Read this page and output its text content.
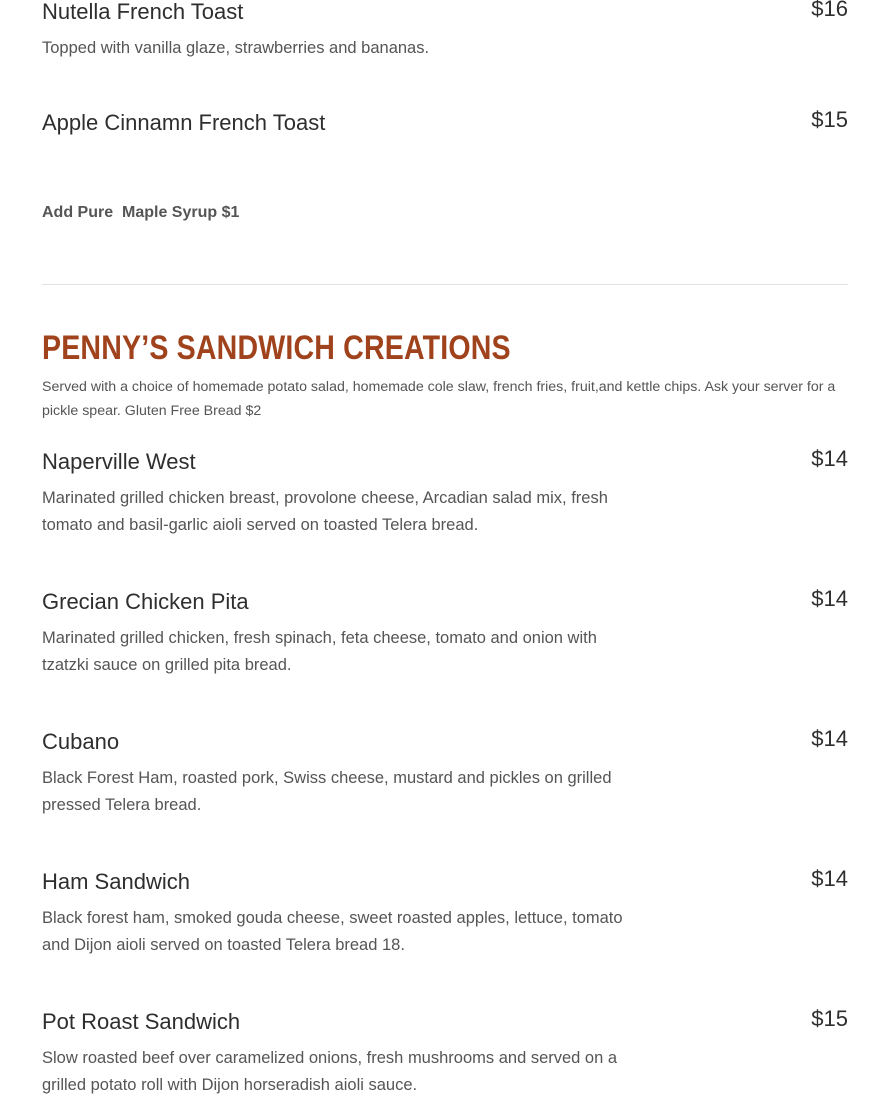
Nutella French Toast	$16
Topped with vanilla glaze, strawberries and bananas.
Apple Cinnamn French Toast	$15
Add Pure  Maple Syrup $1
PENNY’S SANDWICH CREATIONS
Served with a choice of homemade potato salad, homemade cole slaw, french fries, fruit,and kettle chips. Ask your server for a pickle spear. Gluten Free Bread $2
Naperville West	$14
Marinated grilled chicken breast, provolone cheese, Arcadian salad mix, fresh tomato and basil-garlic aioli served on toasted Telera bread.
Grecian Chicken Pita	$14
Marinated grilled chicken, fresh spinach, feta cheese, tomato and onion with tzatzki sauce on grilled pita bread.
Cubano	$14
Black Forest Ham, roasted pork, Swiss cheese, mustard and pickles on grilled pressed Telera bread.
Ham Sandwich	$14
Black forest ham, smoked gouda cheese, sweet roasted apples, lettuce, tomato and Dijon aioli served on toasted Telera bread 18.
Pot Roast Sandwich	$15
Slow roasted beef over caramelized onions, fresh mushrooms and served on a grilled potato roll with Dijon horseradish aioli sauce.
